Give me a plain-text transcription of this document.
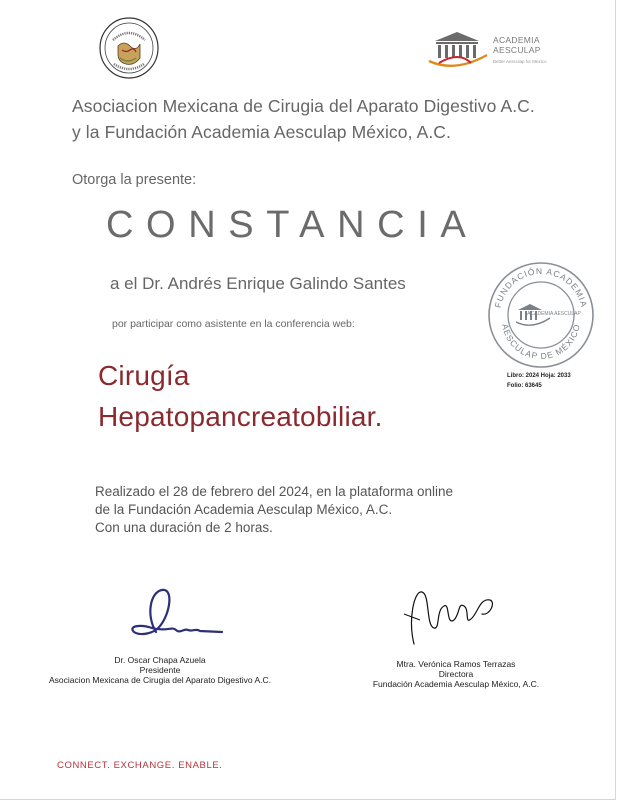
ACADEMIA
AESCULAP
Better Aesculap for Mexico
Asociacion Mexicana de Cirugia del Aparato Digestivo A.C.
y la Fundación Academia Aesculap México, A.C.
Otorga la presente:
CONSTANCIA
a el Dr. Andrés Enrique Galindo Santes
por participar como asistente en la conferencia web:
FUNDACIÓN ACADEMIA
AESCULAP DE MÉXICO
ACADEMIA AESCULAP
Libro: 2024 Hoja: 2033
Folio: 63645
Cirugía
Hepatopancreatobiliar.
Realizado el 28 de febrero del 2024, en la plataforma online
de la Fundación Academia Aesculap México, A.C.
Con una duración de 2 horas.
Dr. Oscar Chapa Azuela
Presidente
Asociacion Mexicana de Cirugia del Aparato Digestivo A.C.
Mtra. Verónica Ramos Terrazas
Directora
Fundación Academia Aesculap México, A.C.
CONNECT. EXCHANGE. ENABLE.
